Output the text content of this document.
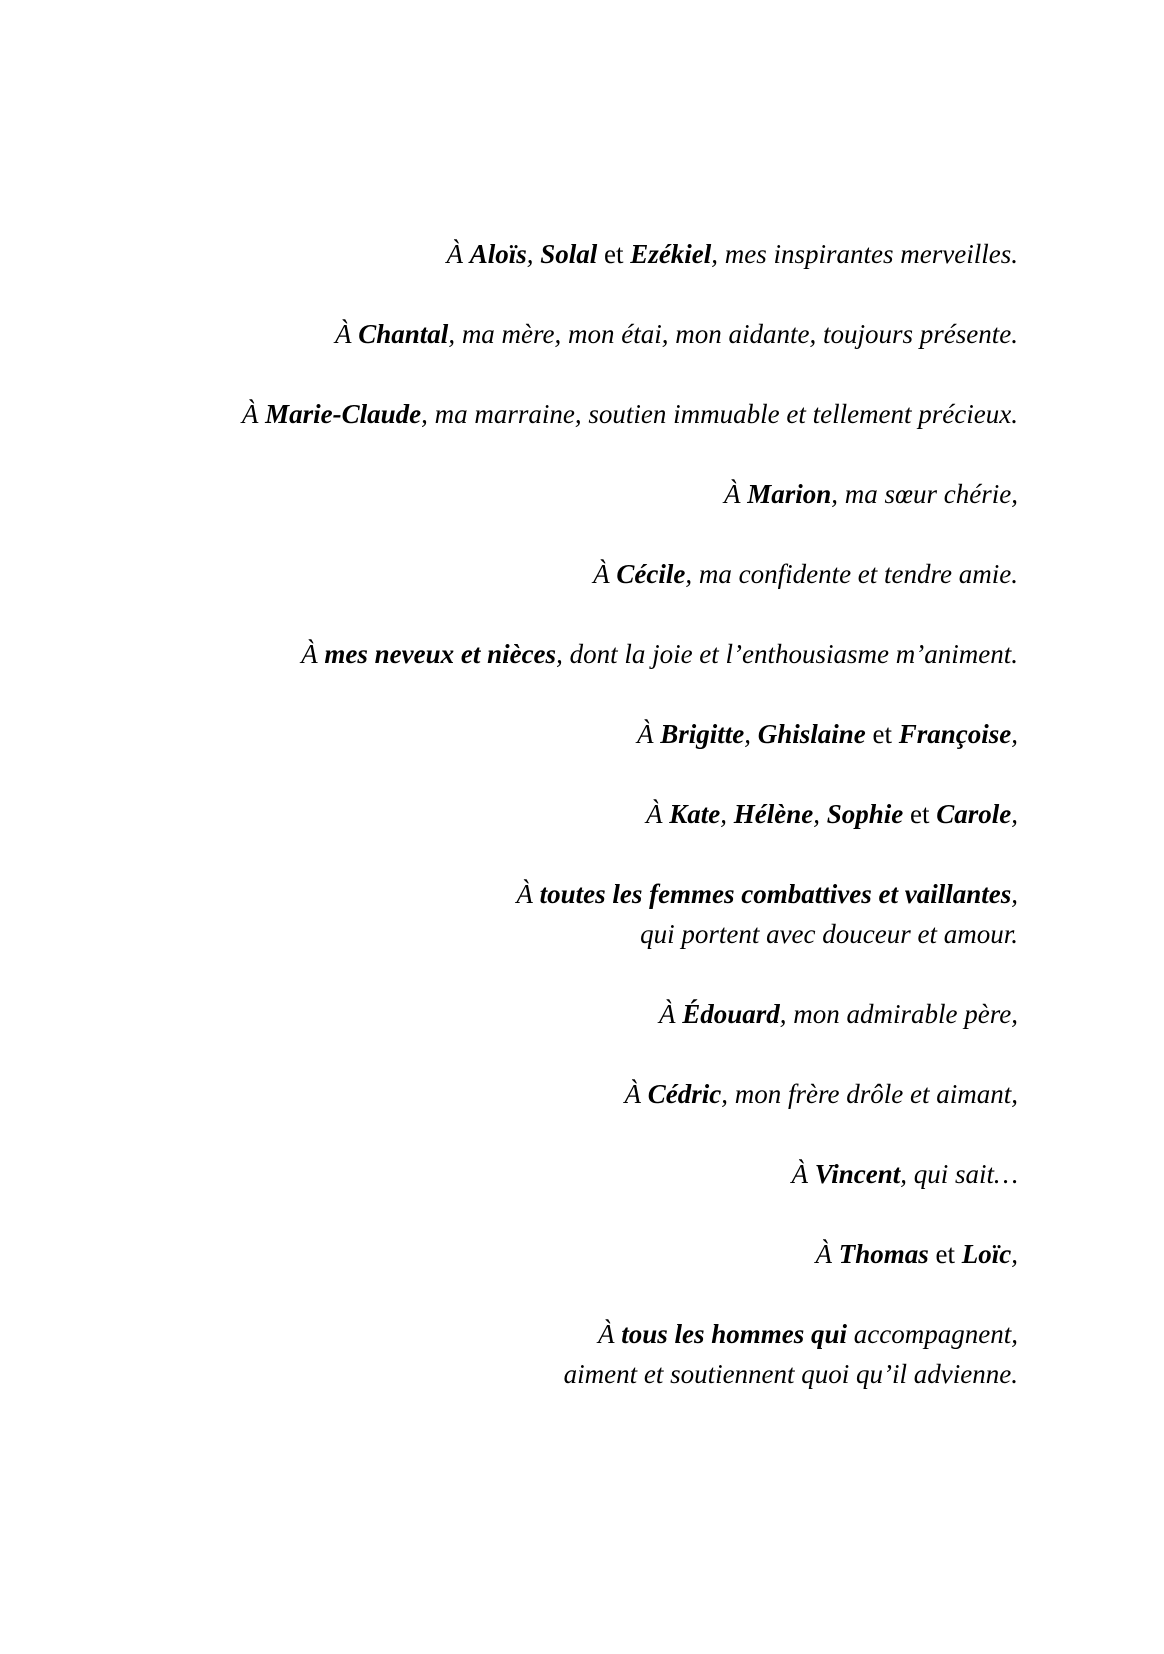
À Aloïs, Solal et Ezékiel, mes inspirantes merveilles.
À Chantal, ma mère, mon étai, mon aidante, toujours présente.
À Marie-Claude, ma marraine, soutien immuable et tellement précieux.
À Marion, ma sœur chérie,
À Cécile, ma confidente et tendre amie.
À mes neveux et nièces, dont la joie et l’enthousiasme m’animent.
À Brigitte, Ghislaine et Françoise,
À Kate, Hélène, Sophie et Carole,
À toutes les femmes combattives et vaillantes,
qui portent avec douceur et amour.
À Édouard, mon admirable père,
À Cédric, mon frère drôle et aimant,
À Vincent, qui sait…
À Thomas et Loïc,
À tous les hommes qui accompagnent,
aiment et soutiennent quoi qu’il advienne.
